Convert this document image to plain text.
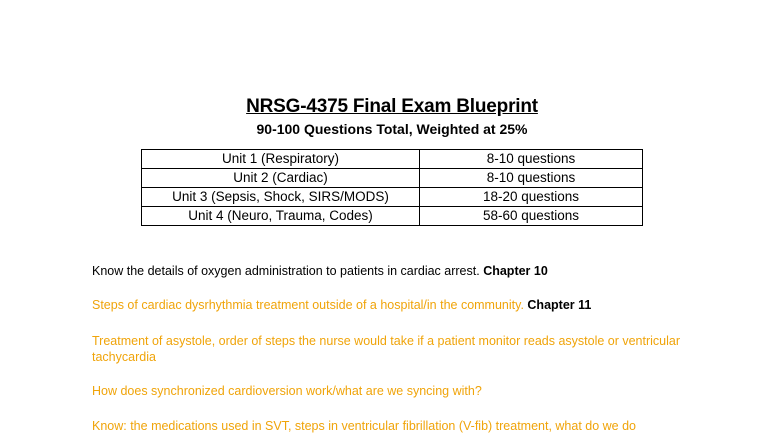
NRSG-4375 Final Exam Blueprint
90-100 Questions Total, Weighted at 25%
Unit 1 (Respiratory)	8-10 questions
Unit 2 (Cardiac)	8-10 questions
Unit 3 (Sepsis, Shock, SIRS/MODS)	18-20 questions
Unit 4 (Neuro, Trauma, Codes)	58-60 questions
Know the details of oxygen administration to patients in cardiac arrest. Chapter 10
Steps of cardiac dysrhythmia treatment outside of a hospital/in the community. Chapter 11
Treatment of asystole, order of steps the nurse would take if a patient monitor reads asystole or ventricular tachycardia
How does synchronized cardioversion work/what are we syncing with?
Know: the medications used in SVT, steps in ventricular fibrillation (V-fib) treatment, what do we do
